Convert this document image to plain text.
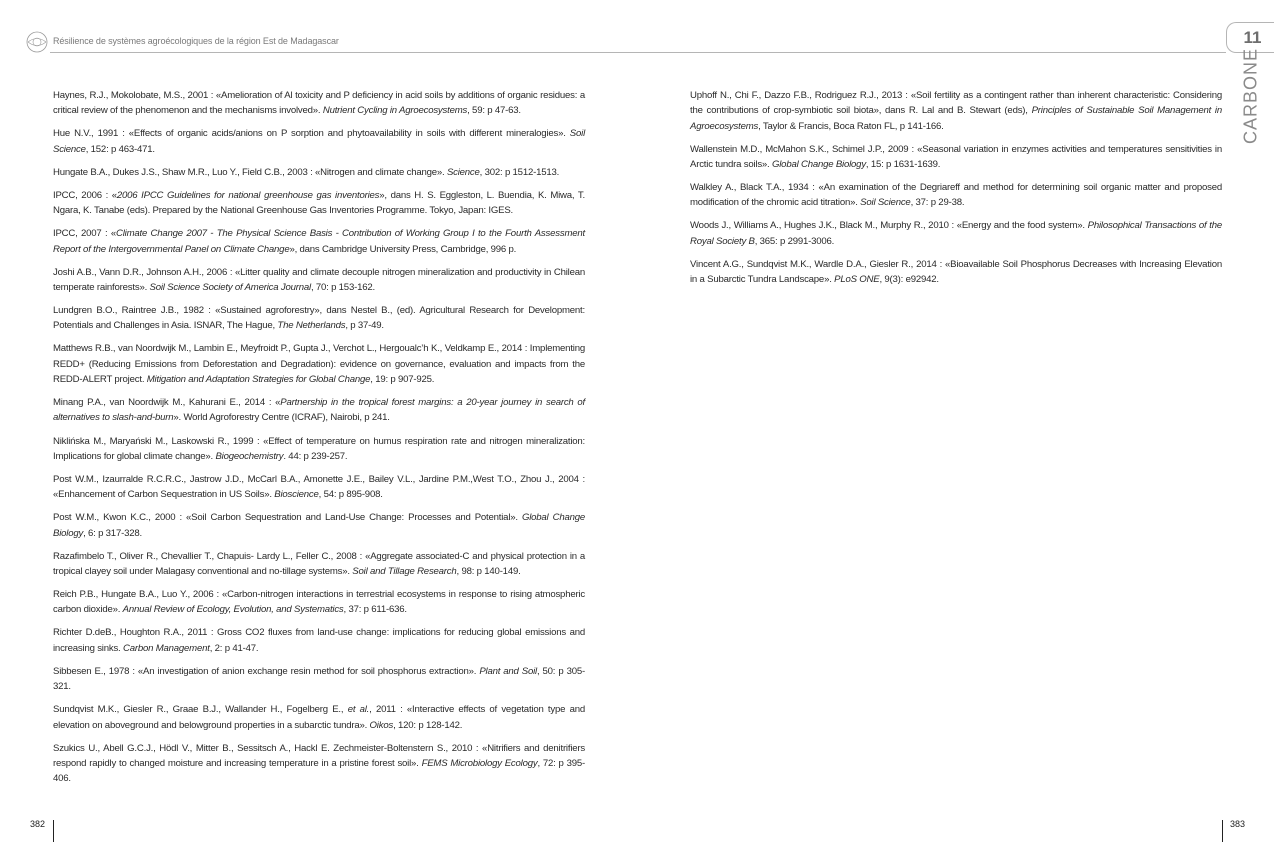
Résilience de systèmes agroécologiques de la région Est de Madagascar	11
CARBONE

Haynes, R.J., Mokolobate, M.S., 2001 : «Amelioration of Al toxicity and P deficiency in acid soils by additions of organic residues: a critical review of the phenomenon and the mechanisms involved». Nutrient Cycling in Agroecosystems, 59: p 47-63.

Hue N.V., 1991 : «Effects of organic acids/anions on P sorption and phytoavailability in soils with different mineralogies». Soil Science, 152: p 463-471.

Hungate B.A., Dukes J.S., Shaw M.R., Luo Y., Field C.B., 2003 : «Nitrogen and climate change». Science, 302: p 1512-1513.

IPCC, 2006 : «2006 IPCC Guidelines for national greenhouse gas inventories», dans H. S. Eggleston, L. Buendia, K. Miwa, T. Ngara, K. Tanabe (eds). Prepared by the National Greenhouse Gas Inventories Programme. Tokyo, Japan: IGES.

IPCC, 2007 : «Climate Change 2007 - The Physical Science Basis - Contribution of Working Group I to the Fourth Assessment Report of the Intergovernmental Panel on Climate Change», dans Cambridge University Press, Cambridge, 996 p.

Joshi A.B., Vann D.R., Johnson A.H., 2006 : «Litter quality and climate decouple nitrogen mineralization and productivity in Chilean temperate rainforests». Soil Science Society of America Journal, 70: p 153-162.

Lundgren B.O., Raintree J.B., 1982 : «Sustained agroforestry», dans Nestel B., (ed). Agricultural Research for Development: Potentials and Challenges in Asia. ISNAR, The Hague, The Netherlands, p 37-49.

Matthews R.B., van Noordwijk M., Lambin E., Meyfroidt P., Gupta J., Verchot L., Hergoualc’h K., Veldkamp E., 2014 : Implementing REDD+ (Reducing Emissions from Deforestation and Degradation): evidence on governance, evaluation and impacts from the REDD-ALERT project. Mitigation and Adaptation Strategies for Global Change, 19: p 907-925.

Minang P.A., van Noordwijk M., Kahurani E., 2014 : «Partnership in the tropical forest margins: a 20-year journey in search of alternatives to slash-and-burn». World Agroforestry Centre (ICRAF), Nairobi, p 241.

Niklińska M., Maryański M., Laskowski R., 1999 : «Effect of temperature on humus respiration rate and nitrogen mineralization: Implications for global climate change». Biogeochemistry. 44: p 239-257.

Post W.M., Izaurralde R.C.R.C., Jastrow J.D., McCarl B.A., Amonette J.E., Bailey V.L., Jardine P.M.,West T.O., Zhou J., 2004 : «Enhancement of Carbon Sequestration in US Soils». Bioscience, 54: p 895-908.

Post W.M., Kwon K.C., 2000 : «Soil Carbon Sequestration and Land-Use Change: Processes and Potential». Global Change Biology, 6: p 317-328.

Razafimbelo T., Oliver R., Chevallier T., Chapuis- Lardy L., Feller C., 2008 : «Aggregate associated-C and physical protection in a tropical clayey soil under Malagasy conventional and no-tillage systems». Soil and Tillage Research, 98: p 140-149.

Reich P.B., Hungate B.A., Luo Y., 2006 : «Carbon-nitrogen interactions in terrestrial ecosystems in response to rising atmospheric carbon dioxide». Annual Review of Ecology, Evolution, and Systematics, 37: p 611-636.

Richter D.deB., Houghton R.A., 2011 : Gross CO2 fluxes from land-use change: implications for reducing global emissions and increasing sinks. Carbon Management, 2: p 41-47.

Sibbesen E., 1978 : «An investigation of anion exchange resin method for soil phosphorus extraction». Plant and Soil, 50: p 305-321.

Sundqvist M.K., Giesler R., Graae B.J., Wallander H., Fogelberg E., et al., 2011 : «Interactive effects of vegetation type and elevation on aboveground and belowground properties in a subarctic tundra». Oikos, 120: p 128-142.

Szukics U., Abell G.C.J., Hödl V., Mitter B., Sessitsch A., Hackl E. Zechmeister-Boltenstern S., 2010 : «Nitrifiers and denitrifiers respond rapidly to changed moisture and increasing temperature in a pristine forest soil». FEMS Microbiology Ecology, 72: p 395-406.

Uphoff N., Chi F., Dazzo F.B., Rodriguez R.J., 2013 : «Soil fertility as a contingent rather than inherent characteristic: Considering the contributions of crop-symbiotic soil biota», dans R. Lal and B. Stewart (eds), Principles of Sustainable Soil Management in Agroecosystems, Taylor & Francis, Boca Raton FL, p 141-166.

Wallenstein M.D., McMahon S.K., Schimel J.P., 2009 : «Seasonal variation in enzymes activities and temperatures sensitivities in Arctic tundra soils». Global Change Biology, 15: p 1631-1639.

Walkley A., Black T.A., 1934 : «An examination of the Degriareff and method for determining soil organic matter and proposed modification of the chromic acid titration». Soil Science, 37: p 29-38.

Woods J., Williams A., Hughes J.K., Black M., Murphy R., 2010 : «Energy and the food system». Philosophical Transactions of the Royal Society B, 365: p 2991-3006.

Vincent A.G., Sundqvist M.K., Wardle D.A., Giesler R., 2014 : «Bioavailable Soil Phosphorus Decreases with Increasing Elevation in a Subarctic Tundra Landscape». PLoS ONE, 9(3): e92942.

382	383
